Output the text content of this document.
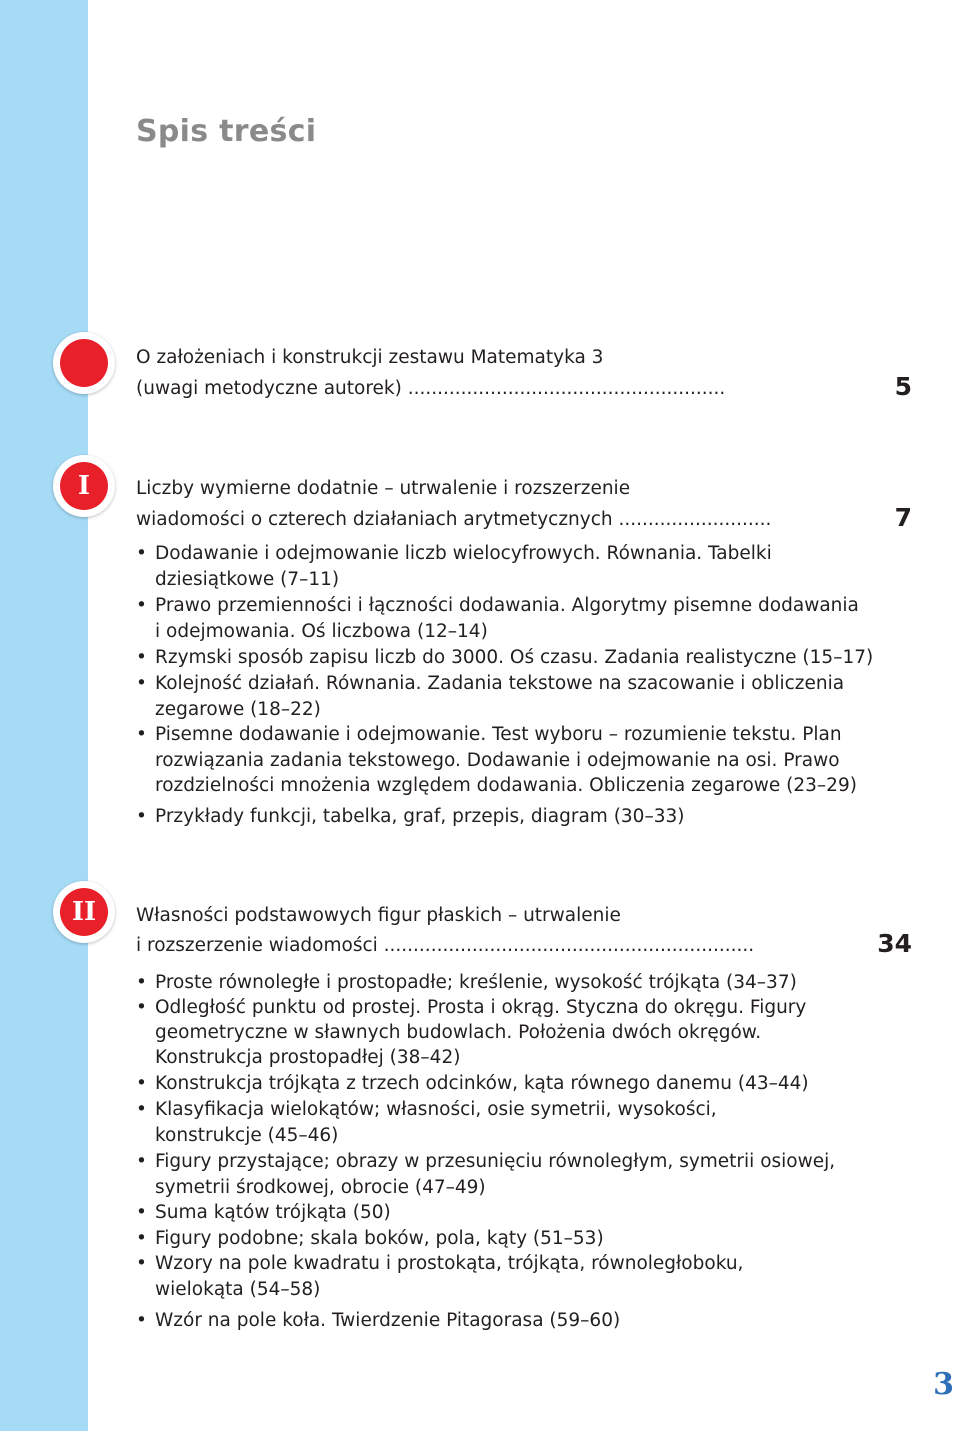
Spis treści
O założeniach i konstrukcji zestawu Matematyka 3
(uwagi metodyczne autorek) ......................................................	5
I	Liczby wymierne dodatnie – utrwalenie i rozszerzenie
wiadomości o czterech działaniach arytmetycznych ..........................	7
• Dodawanie i odejmowanie liczb wielocyfrowych. Równania. Tabelki
dziesiątkowe (7–11)
• Prawo przemienności i łączności dodawania. Algorytmy pisemne dodawania
i odejmowania. Oś liczbowa (12–14)
• Rzymski sposób zapisu liczb do 3000. Oś czasu. Zadania realistyczne (15–17)
• Kolejność działań. Równania. Zadania tekstowe na szacowanie i obliczenia
zegarowe (18–22)
• Pisemne dodawanie i odejmowanie. Test wyboru – rozumienie tekstu. Plan
rozwiązania zadania tekstowego. Dodawanie i odejmowanie na osi. Prawo
rozdzielności mnożenia względem dodawania. Obliczenia zegarowe (23–29)
• Przykłady funkcji, tabelka, graf, przepis, diagram (30–33)
II	Własności podstawowych figur płaskich – utrwalenie
i rozszerzenie wiadomości ...............................................................	34
• Proste równoległe i prostopadłe; kreślenie, wysokość trójkąta (34–37)
• Odległość punktu od prostej. Prosta i okrąg. Styczna do okręgu. Figury
geometryczne w sławnych budowlach. Położenia dwóch okręgów.
Konstrukcja prostopadłej (38–42)
• Konstrukcja trójkąta z trzech odcinków, kąta równego danemu (43–44)
• Klasyfikacja wielokątów; własności, osie symetrii, wysokości,
konstrukcje (45–46)
• Figury przystające; obrazy w przesunięciu równoległym, symetrii osiowej,
symetrii środkowej, obrocie (47–49)
• Suma kątów trójkąta (50)
• Figury podobne; skala boków, pola, kąty (51–53)
• Wzory na pole kwadratu i prostokąta, trójkąta, równoległoboku,
wielokąta (54–58)
• Wzór na pole koła. Twierdzenie Pitagorasa (59–60)
3
